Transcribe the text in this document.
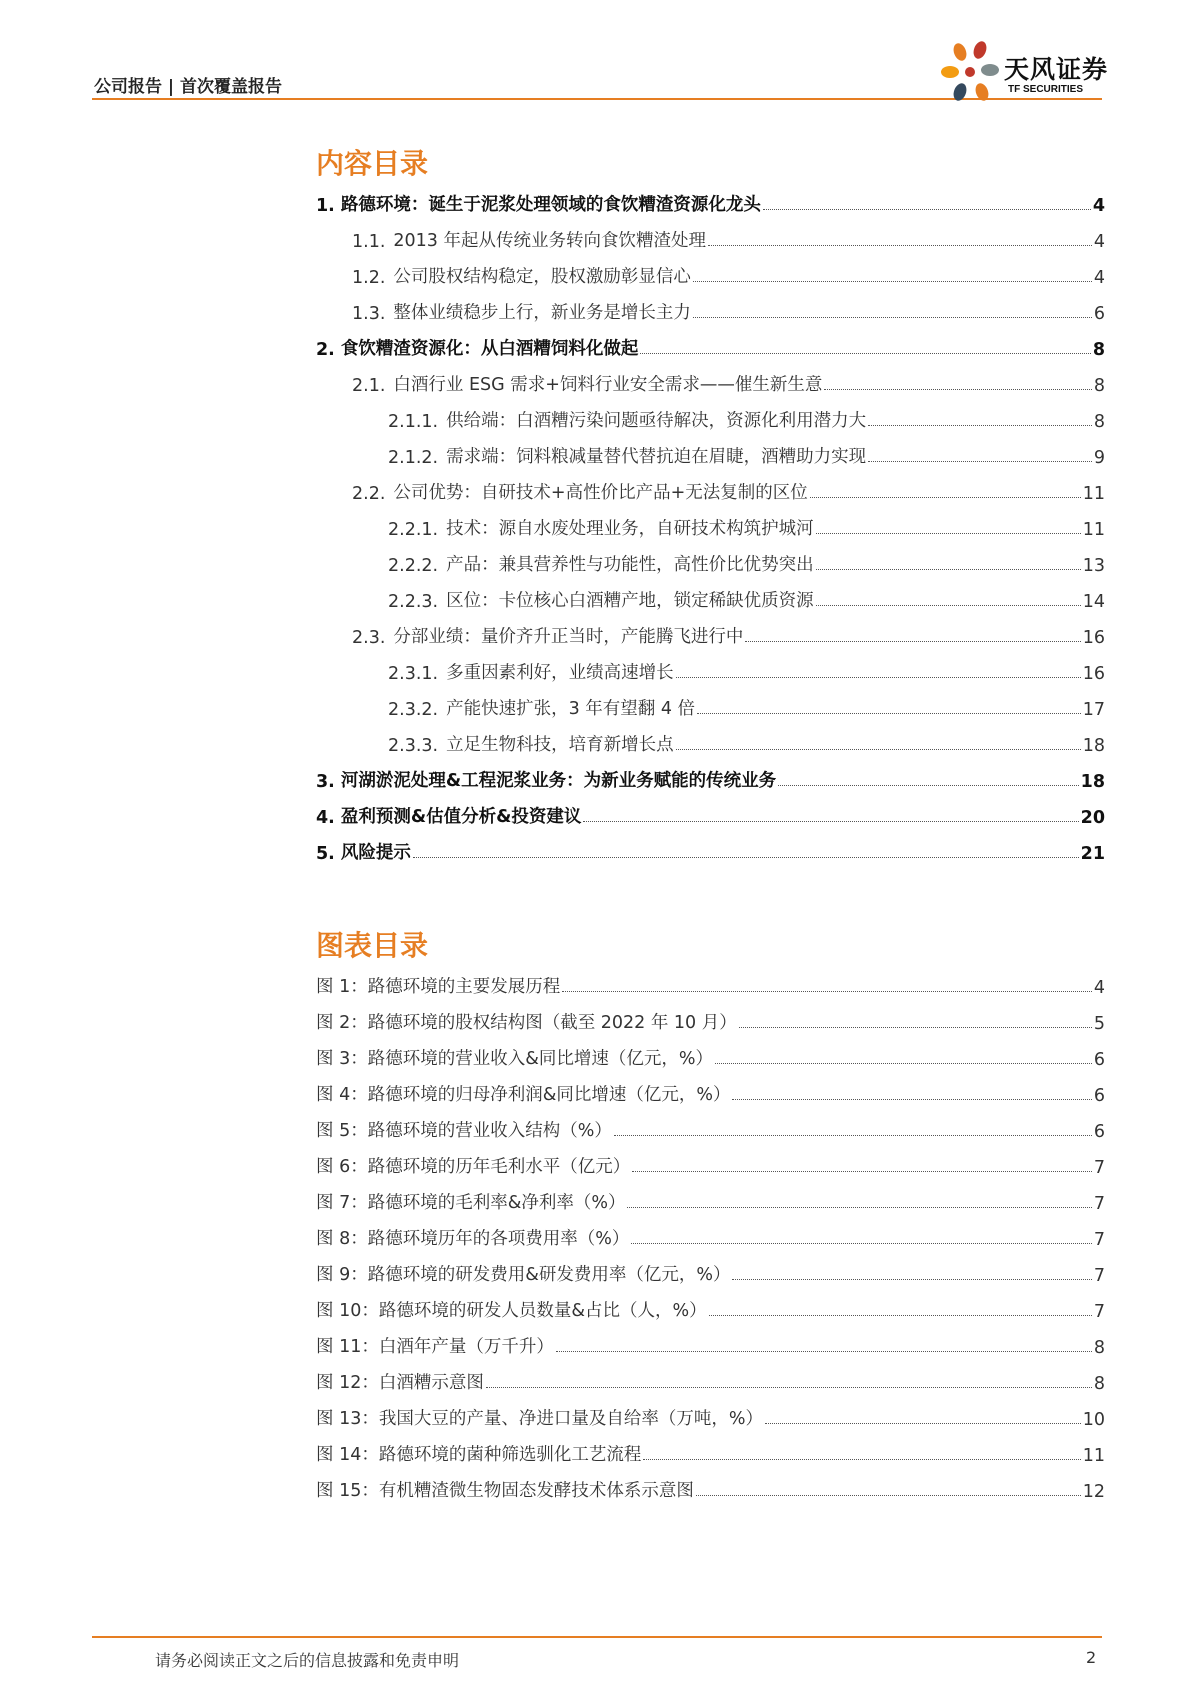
公司报告 | 首次覆盖报告
天风证券
TF SECURITIES
内容目录
1. 路德环境：诞生于泥浆处理领域的食饮糟渣资源化龙头	4
1.1. 2013 年起从传统业务转向食饮糟渣处理	4
1.2. 公司股权结构稳定，股权激励彰显信心	4
1.3. 整体业绩稳步上行，新业务是增长主力	6
2. 食饮糟渣资源化：从白酒糟饲料化做起	8
2.1. 白酒行业 ESG 需求+饲料行业安全需求——催生新生意	8
2.1.1. 供给端：白酒糟污染问题亟待解决，资源化利用潜力大	8
2.1.2. 需求端：饲料粮减量替代替抗迫在眉睫，酒糟助力实现	9
2.2. 公司优势：自研技术+高性价比产品+无法复制的区位	11
2.2.1. 技术：源自水废处理业务，自研技术构筑护城河	11
2.2.2. 产品：兼具营养性与功能性，高性价比优势突出	13
2.2.3. 区位：卡位核心白酒糟产地，锁定稀缺优质资源	14
2.3. 分部业绩：量价齐升正当时，产能腾飞进行中	16
2.3.1. 多重因素利好，业绩高速增长	16
2.3.2. 产能快速扩张，3 年有望翻 4 倍	17
2.3.3. 立足生物科技，培育新增长点	18
3. 河湖淤泥处理&工程泥浆业务：为新业务赋能的传统业务	18
4. 盈利预测&估值分析&投资建议	20
5. 风险提示	21
图表目录
图 1：路德环境的主要发展历程	4
图 2：路德环境的股权结构图（截至 2022 年 10 月）	5
图 3：路德环境的营业收入&同比增速（亿元，%）	6
图 4：路德环境的归母净利润&同比增速（亿元，%）	6
图 5：路德环境的营业收入结构（%）	6
图 6：路德环境的历年毛利水平（亿元）	7
图 7：路德环境的毛利率&净利率（%）	7
图 8：路德环境历年的各项费用率（%）	7
图 9：路德环境的研发费用&研发费用率（亿元，%）	7
图 10：路德环境的研发人员数量&占比（人，%）	7
图 11：白酒年产量（万千升）	8
图 12：白酒糟示意图	8
图 13：我国大豆的产量、净进口量及自给率（万吨，%）	10
图 14：路德环境的菌种筛选驯化工艺流程	11
图 15：有机糟渣微生物固态发酵技术体系示意图	12
请务必阅读正文之后的信息披露和免责申明	2
